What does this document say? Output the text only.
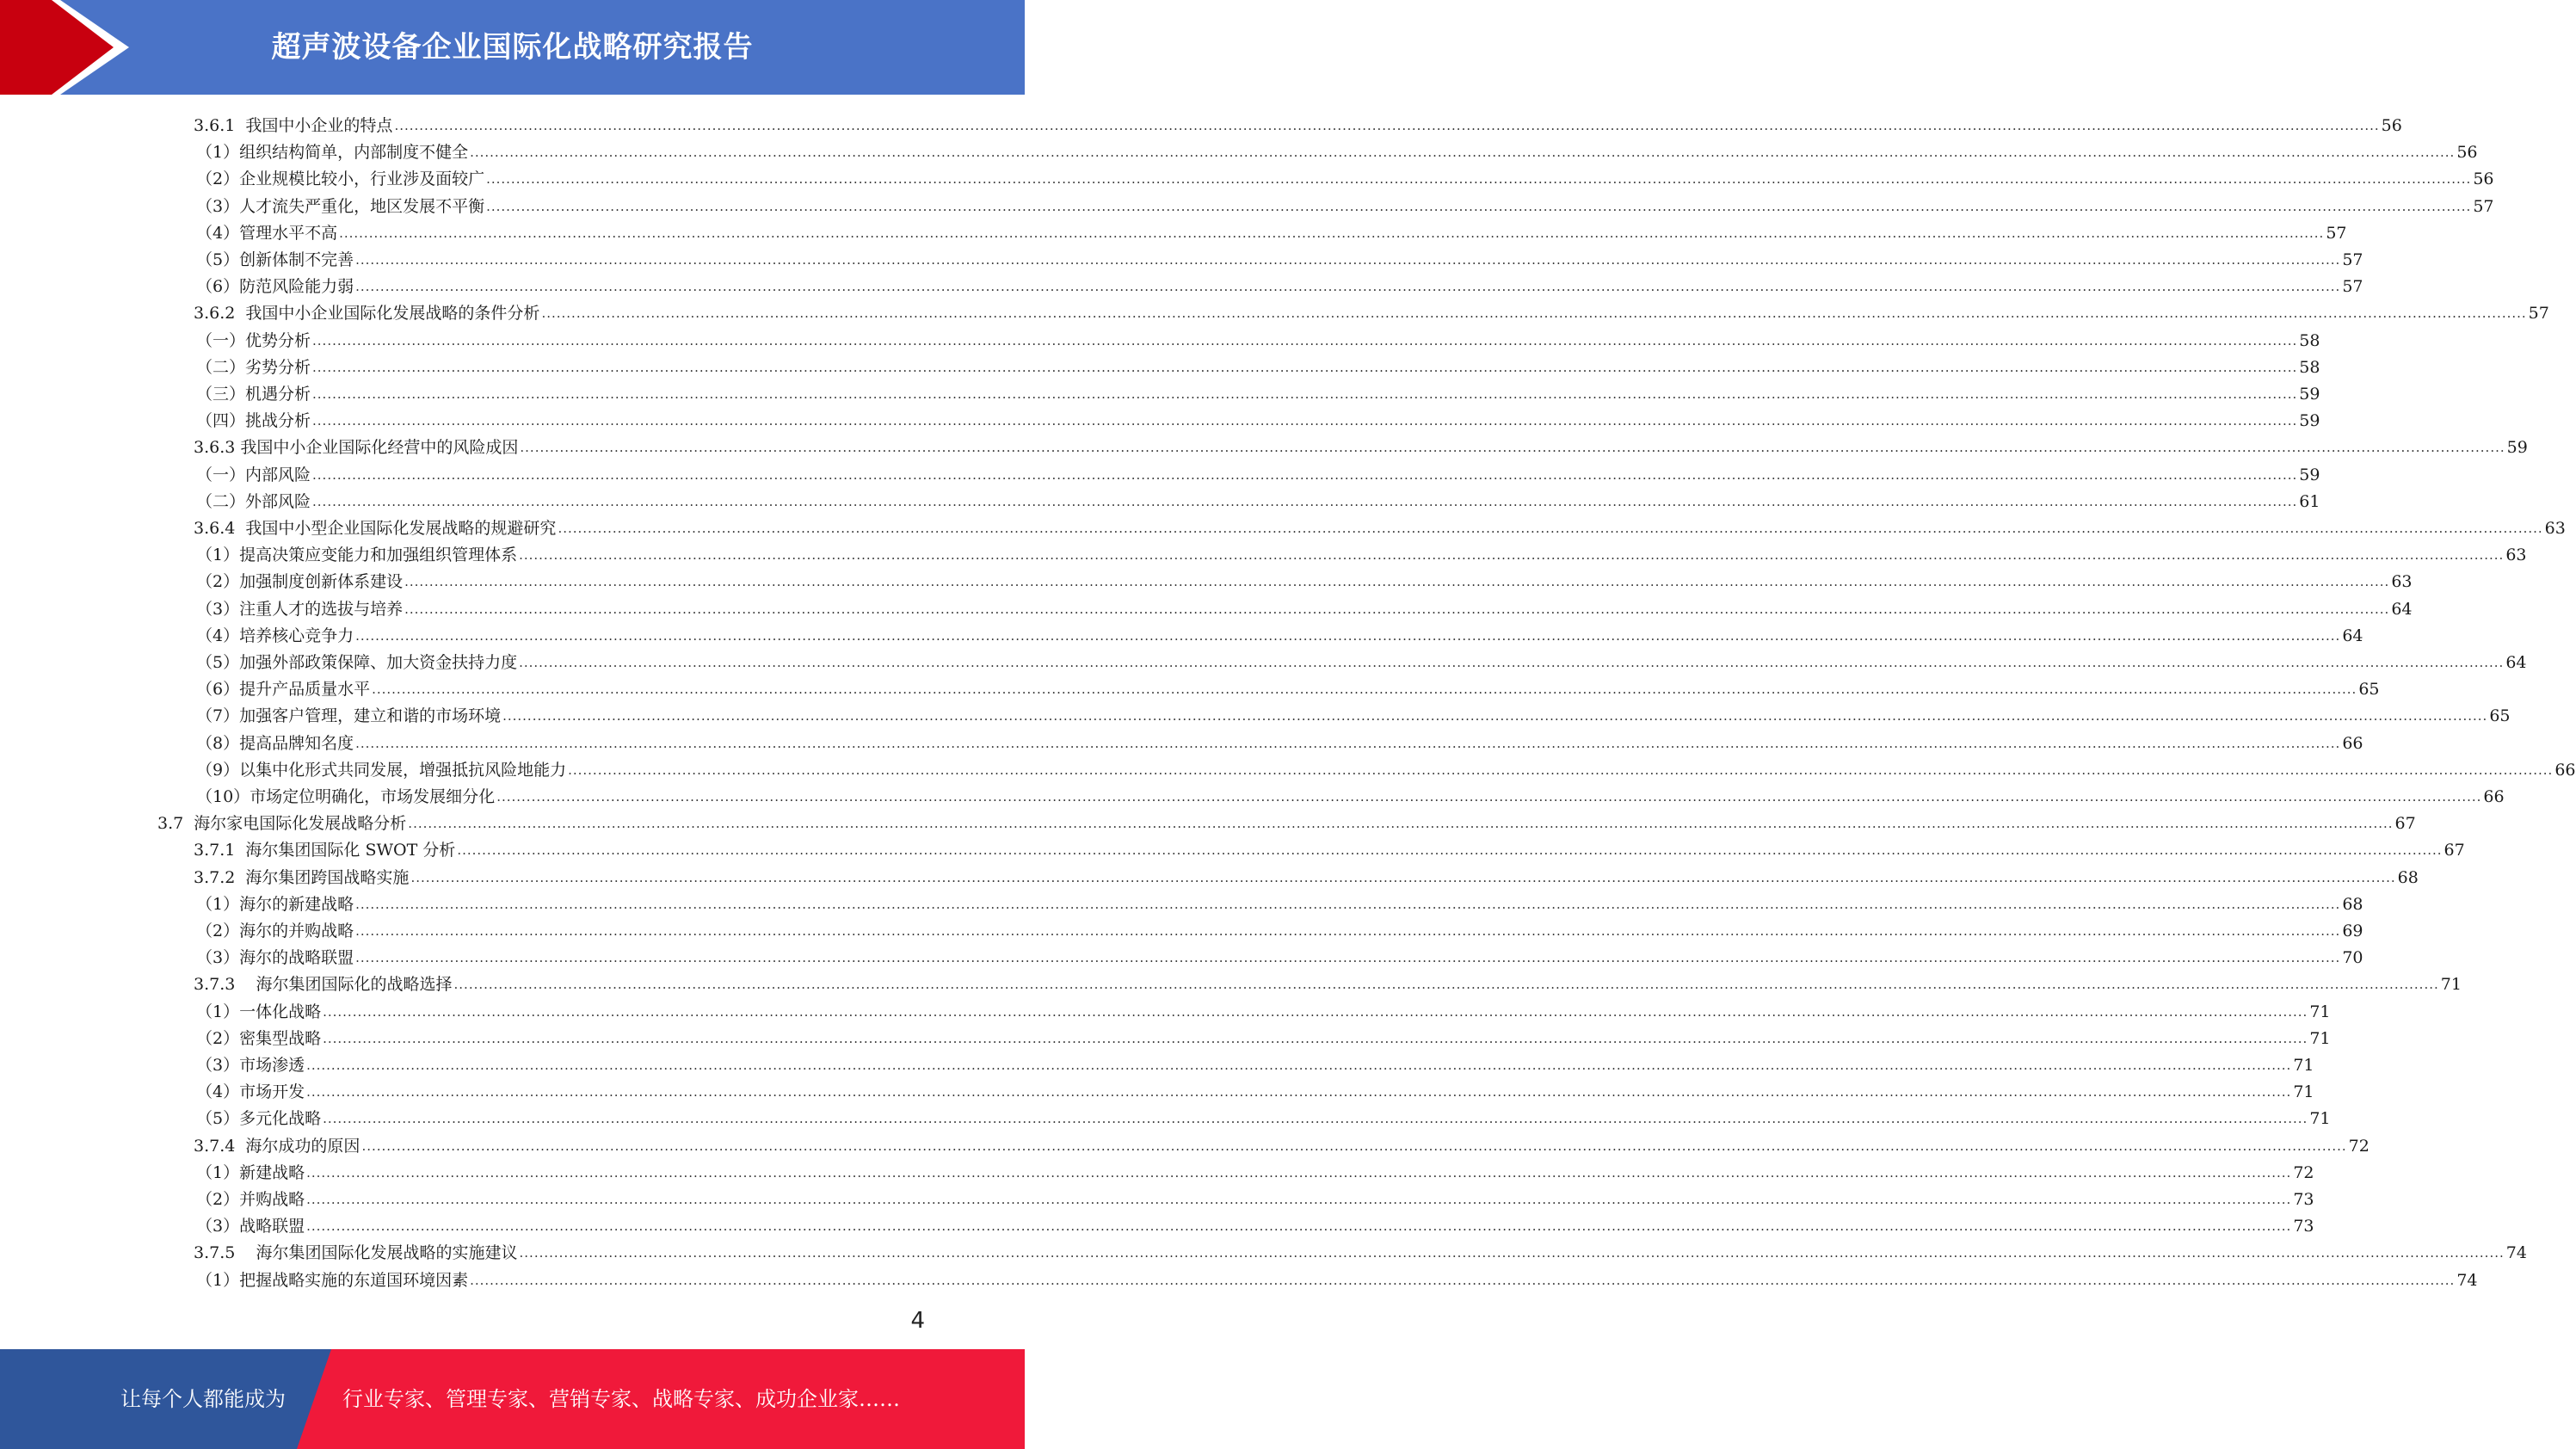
超声波设备企业国际化战略研究报告
3.6.1  我国中小企业的特点 ................................................................................................................................................................................................................................................................................................................................................................................................................ 56
（1）组织结构简单，内部制度不健全 ................................................................................................................................................................................................................................................................................................................................................................................................................ 56
（2）企业规模比较小，行业涉及面较广 ................................................................................................................................................................................................................................................................................................................................................................................................................ 56
（3）人才流失严重化，地区发展不平衡 ................................................................................................................................................................................................................................................................................................................................................................................................................ 57
（4）管理水平不高 ................................................................................................................................................................................................................................................................................................................................................................................................................ 57
（5）创新体制不完善 ................................................................................................................................................................................................................................................................................................................................................................................................................ 57
（6）防范风险能力弱 ................................................................................................................................................................................................................................................................................................................................................................................................................ 57
3.6.2  我国中小企业国际化发展战略的条件分析 ................................................................................................................................................................................................................................................................................................................................................................................................................ 57
（一）优势分析 ................................................................................................................................................................................................................................................................................................................................................................................................................ 58
（二）劣势分析 ................................................................................................................................................................................................................................................................................................................................................................................................................ 58
（三）机遇分析 ................................................................................................................................................................................................................................................................................................................................................................................................................ 59
（四）挑战分析 ................................................................................................................................................................................................................................................................................................................................................................................................................ 59
3.6.3 我国中小企业国际化经营中的风险成因 ................................................................................................................................................................................................................................................................................................................................................................................................................ 59
（一）内部风险 ................................................................................................................................................................................................................................................................................................................................................................................................................ 59
（二）外部风险 ................................................................................................................................................................................................................................................................................................................................................................................................................ 61
3.6.4  我国中小型企业国际化发展战略的规避研究 ................................................................................................................................................................................................................................................................................................................................................................................................................ 63
（1）提高决策应变能力和加强组织管理体系 ................................................................................................................................................................................................................................................................................................................................................................................................................ 63
（2）加强制度创新体系建设 ................................................................................................................................................................................................................................................................................................................................................................................................................ 63
（3）注重人才的选拔与培养 ................................................................................................................................................................................................................................................................................................................................................................................................................ 64
（4）培养核心竞争力 ................................................................................................................................................................................................................................................................................................................................................................................................................ 64
（5）加强外部政策保障、加大资金扶持力度 ................................................................................................................................................................................................................................................................................................................................................................................................................ 64
（6）提升产品质量水平 ................................................................................................................................................................................................................................................................................................................................................................................................................ 65
（7）加强客户管理，建立和谐的市场环境 ................................................................................................................................................................................................................................................................................................................................................................................................................ 65
（8）提高品牌知名度 ................................................................................................................................................................................................................................................................................................................................................................................................................ 66
（9）以集中化形式共同发展，增强抵抗风险地能力 ................................................................................................................................................................................................................................................................................................................................................................................................................ 66
（10）市场定位明确化，市场发展细分化 ................................................................................................................................................................................................................................................................................................................................................................................................................ 66
3.7  海尔家电国际化发展战略分析 ................................................................................................................................................................................................................................................................................................................................................................................................................ 67
3.7.1  海尔集团国际化 SWOT 分析 ................................................................................................................................................................................................................................................................................................................................................................................................................ 67
3.7.2  海尔集团跨国战略实施 ................................................................................................................................................................................................................................................................................................................................................................................................................ 68
（1）海尔的新建战略 ................................................................................................................................................................................................................................................................................................................................................................................................................ 68
（2）海尔的并购战略 ................................................................................................................................................................................................................................................................................................................................................................................................................ 69
（3）海尔的战略联盟 ................................................................................................................................................................................................................................................................................................................................................................................................................ 70
3.7.3    海尔集团国际化的战略选择 ................................................................................................................................................................................................................................................................................................................................................................................................................ 71
（1）一体化战略 ................................................................................................................................................................................................................................................................................................................................................................................................................ 71
（2）密集型战略 ................................................................................................................................................................................................................................................................................................................................................................................................................ 71
（3）市场渗透 ................................................................................................................................................................................................................................................................................................................................................................................................................ 71
（4）市场开发 ................................................................................................................................................................................................................................................................................................................................................................................................................ 71
（5）多元化战略 ................................................................................................................................................................................................................................................................................................................................................................................................................ 71
3.7.4  海尔成功的原因 ................................................................................................................................................................................................................................................................................................................................................................................................................ 72
（1）新建战略 ................................................................................................................................................................................................................................................................................................................................................................................................................ 72
（2）并购战略 ................................................................................................................................................................................................................................................................................................................................................................................................................ 73
（3）战略联盟 ................................................................................................................................................................................................................................................................................................................................................................................................................ 73
3.7.5    海尔集团国际化发展战略的实施建议 ................................................................................................................................................................................................................................................................................................................................................................................................................ 74
（1）把握战略实施的东道国环境因素 ................................................................................................................................................................................................................................................................................................................................................................................................................ 74
4
让每个人都能成为	行业专家、管理专家、营销专家、战略专家、成功企业家……
